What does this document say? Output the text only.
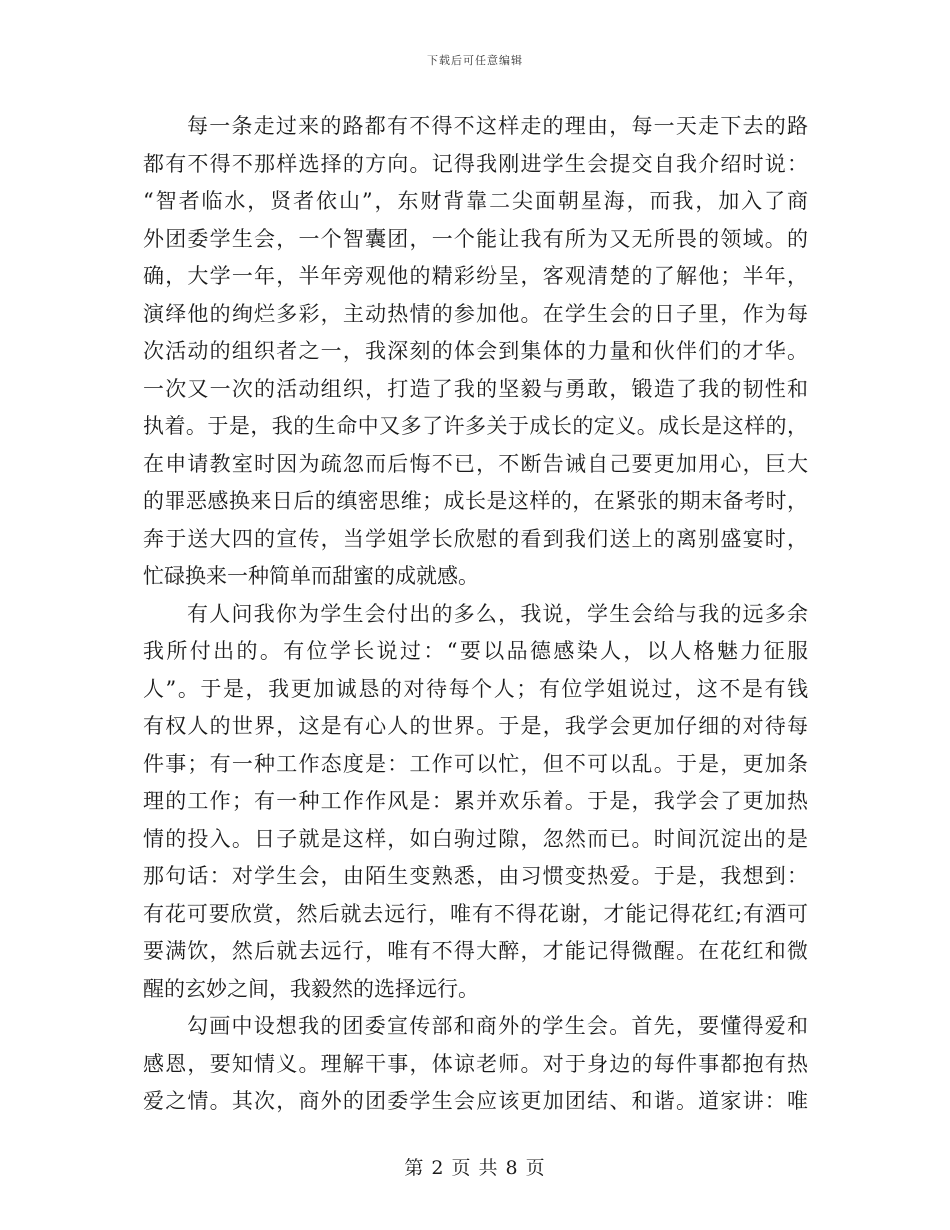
下载后可任意编辑
每一条走过来的路都有不得不这样走的理由，每一天走下去的路
都有不得不那样选择的方向。记得我刚进学生会提交自我介绍时说：
“智者临水，贤者依山”，东财背靠二尖面朝星海，而我，加入了商
外团委学生会，一个智囊团，一个能让我有所为又无所畏的领域。的
确，大学一年，半年旁观他的精彩纷呈，客观清楚的了解他；半年，
演绎他的绚烂多彩，主动热情的参加他。在学生会的日子里，作为每
次活动的组织者之一，我深刻的体会到集体的力量和伙伴们的才华。
一次又一次的活动组织，打造了我的坚毅与勇敢，锻造了我的韧性和
执着。于是，我的生命中又多了许多关于成长的定义。成长是这样的，
在申请教室时因为疏忽而后悔不已，不断告诫自己要更加用心，巨大
的罪恶感换来日后的缜密思维；成长是这样的，在紧张的期末备考时，
奔于送大四的宣传，当学姐学长欣慰的看到我们送上的离别盛宴时，
忙碌换来一种简单而甜蜜的成就感。
有人问我你为学生会付出的多么，我说，学生会给与我的远多余
我所付出的。有位学长说过：“要以品德感染人，以人格魅力征服
人”。于是，我更加诚恳的对待每个人；有位学姐说过，这不是有钱
有权人的世界，这是有心人的世界。于是，我学会更加仔细的对待每
件事；有一种工作态度是：工作可以忙，但不可以乱。于是，更加条
理的工作；有一种工作作风是：累并欢乐着。于是，我学会了更加热
情的投入。日子就是这样，如白驹过隙，忽然而已。时间沉淀出的是
那句话：对学生会，由陌生变熟悉，由习惯变热爱。于是，我想到：
有花可要欣赏，然后就去远行，唯有不得花谢，才能记得花红;有酒可
要满饮，然后就去远行，唯有不得大醉，才能记得微醒。在花红和微
醒的玄妙之间，我毅然的选择远行。
勾画中设想我的团委宣传部和商外的学生会。首先，要懂得爱和
感恩，要知情义。理解干事，体谅老师。对于身边的每件事都抱有热
爱之情。其次，商外的团委学生会应该更加团结、和谐。道家讲：唯
第 2 页 共 8 页
